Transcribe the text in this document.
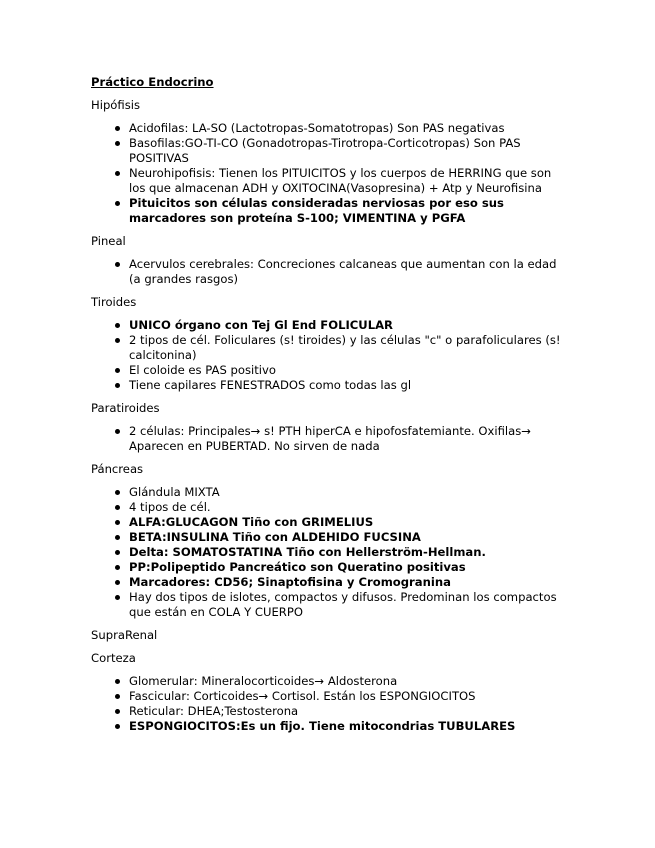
Práctico Endocrino
Hipófisis
Acidofilas: LA-SO (Lactotropas-Somatotropas) Son PAS negativas
Basofilas:GO-TI-CO (Gonadotropas-Tirotropa-Corticotropas) Son PAS POSITIVAS
Neurohipofisis: Tienen los PITUICITOS y los cuerpos de HERRING que son los que almacenan ADH y OXITOCINA(Vasopresina) + Atp y Neurofisina
Pituicitos son células consideradas nerviosas por eso sus marcadores son proteína S-100; VIMENTINA y PGFA
Pineal
Acervulos cerebrales: Concreciones calcaneas que aumentan con la edad (a grandes rasgos)
Tiroides
UNICO órgano con Tej Gl End FOLICULAR
2 tipos de cél. Foliculares (s! tiroides) y las células "c" o parafoliculares (s! calcitonina)
El coloide es PAS positivo
Tiene capilares FENESTRADOS como todas las gl
Paratiroides
2 células: Principales→ s! PTH hiperCA e hipofosfatemiante. Oxifilas→ Aparecen en PUBERTAD. No sirven de nada
Páncreas
Glándula MIXTA
4 tipos de cél.
ALFA:GLUCAGON Tiño con GRIMELIUS
BETA:INSULINA Tiño con ALDEHIDO FUCSINA
Delta: SOMATOSTATINA Tiño con Hellerström-Hellman.
PP:Polipeptido Pancreático son Queratino positivas
Marcadores: CD56; Sinaptofisina y Cromogranina
Hay dos tipos de islotes, compactos y difusos. Predominan los compactos que están en COLA Y CUERPO
SupraRenal
Corteza
Glomerular: Mineralocorticoides→ Aldosterona
Fascicular: Corticoides→ Cortisol. Están los ESPONGIOCITOS
Reticular: DHEA;Testosterona
ESPONGIOCITOS:Es un fijo. Tiene mitocondrias TUBULARES
